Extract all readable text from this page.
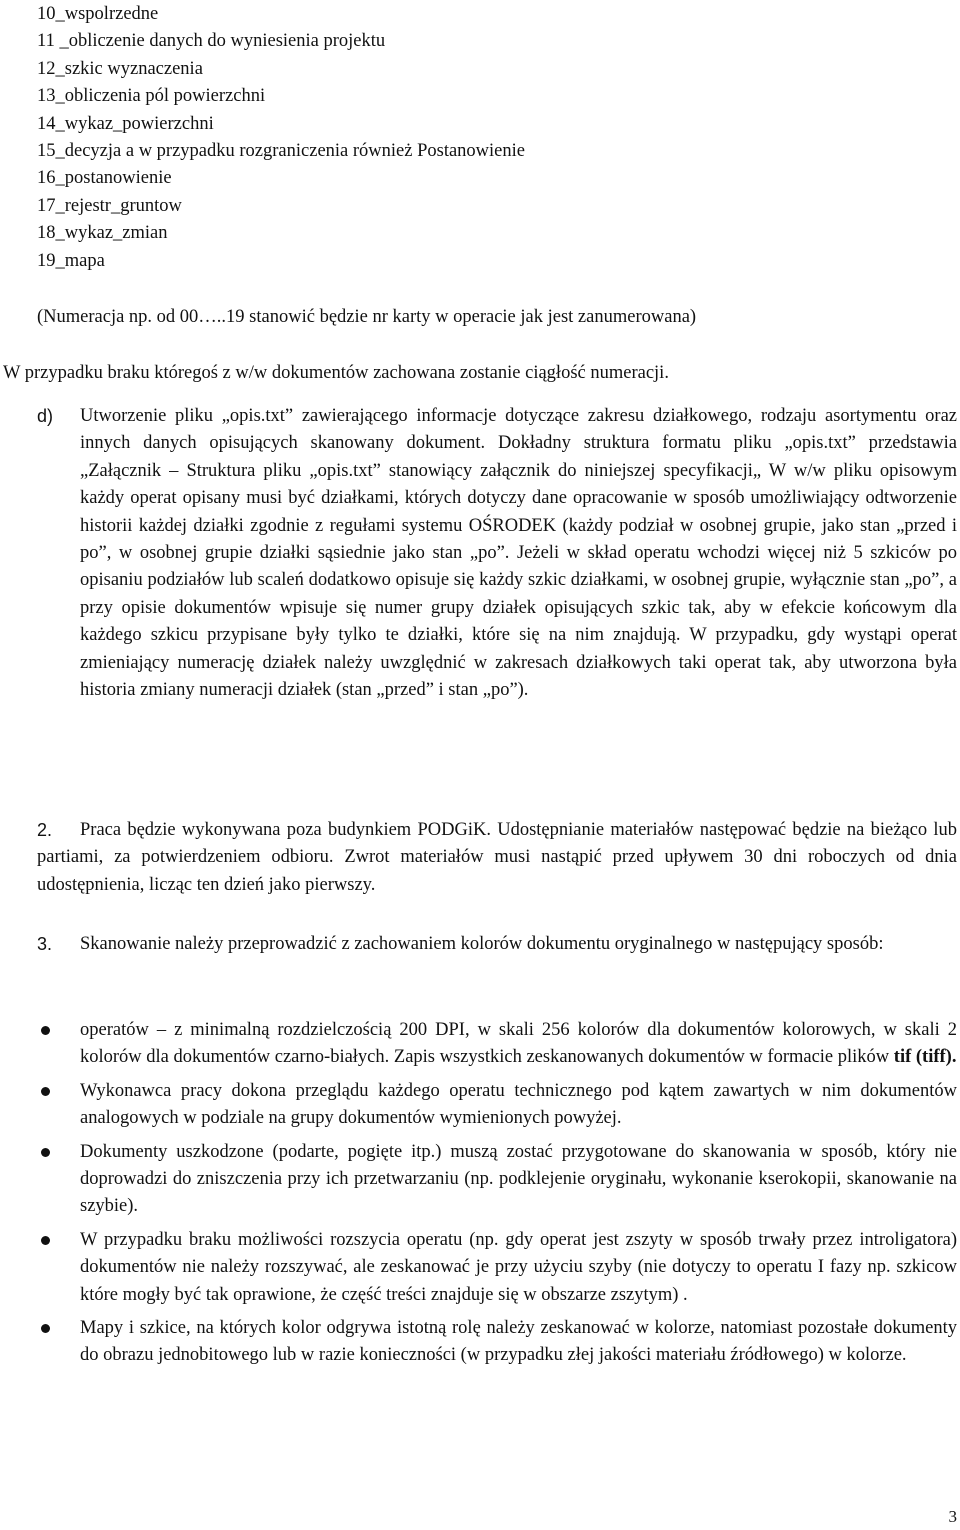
10_wspolrzedne
11 _obliczenie danych do wyniesienia projektu
12_szkic wyznaczenia
13_obliczenia pól powierzchni
14_wykaz_powierzchni
15_decyzja a w przypadku rozgraniczenia również Postanowienie
16_postanowienie
17_rejestr_gruntow
18_wykaz_zmian
19_mapa
(Numeracja np. od 00…..19 stanowić będzie nr karty w operacie jak jest zanumerowana)
W przypadku braku któregoś z w/w dokumentów zachowana zostanie ciągłość numeracji.
d) Utworzenie pliku „opis.txt” zawierającego informacje dotyczące zakresu działkowego, rodzaju asortymentu oraz innych danych opisujących skanowany dokument. Dokładny struktura formatu pliku „opis.txt” przedstawia „Załącznik – Struktura pliku „opis.txt” stanowiący załącznik do niniejszej specyfikacji„ W w/w pliku opisowym każdy operat opisany musi być działkami, których dotyczy dane opracowanie w sposób umożliwiający odtworzenie historii każdej działki zgodnie z regułami systemu OŚRODEK (każdy podział w osobnej grupie, jako stan „przed i po”, w osobnej grupie działki sąsiednie jako stan „po”. Jeżeli w skład operatu wchodzi więcej niż 5 szkiców po opisaniu podziałów lub scaleń dodatkowo opisuje się każdy szkic działkami, w osobnej grupie, wyłącznie stan „po”, a przy opisie dokumentów wpisuje się numer grupy działek opisujących szkic tak, aby w efekcie końcowym dla każdego szkicu przypisane były tylko te działki, które się na nim znajdują. W przypadku, gdy wystąpi operat zmieniający numerację działek należy uwzględnić w zakresach działkowych taki operat tak, aby utworzona była historia zmiany numeracji działek (stan „przed” i stan „po”).
2.	Praca będzie wykonywana poza budynkiem PODGiK. Udostępnianie materiałów następować będzie na bieżąco lub partiami, za potwierdzeniem odbioru. Zwrot materiałów musi nastąpić przed upływem 30 dni roboczych od dnia udostępnienia, licząc ten dzień jako pierwszy.
3.	Skanowanie należy przeprowadzić z zachowaniem kolorów dokumentu oryginalnego w następujący sposób:
operatów – z minimalną rozdzielczością 200 DPI, w skali 256 kolorów dla dokumentów kolorowych, w skali 2 kolorów dla dokumentów czarno-białych. Zapis wszystkich zeskanowanych dokumentów w formacie plików tif (tiff).
Wykonawca pracy dokona przeglądu każdego operatu technicznego pod kątem zawartych w nim dokumentów analogowych w podziale na grupy dokumentów wymienionych powyżej.
Dokumenty uszkodzone (podarte, pogięte itp.) muszą zostać przygotowane do skanowania w sposób, który nie doprowadzi do zniszczenia przy ich przetwarzaniu (np. podklejenie oryginału, wykonanie kserokopii, skanowanie na szybie).
W przypadku braku możliwości rozszycia operatu (np. gdy operat jest zszyty w sposób trwały przez introligatora) dokumentów nie należy rozszywać, ale zeskanować je przy użyciu szyby (nie dotyczy to operatu I fazy np. szkicow które mogły być tak oprawione, że część treści znajduje się w obszarze zszytym) .
Mapy i szkice, na których kolor odgrywa istotną rolę należy zeskanować w kolorze, natomiast pozostałe dokumenty do obrazu jednobitowego lub w razie konieczności (w przypadku złej jakości materiału źródłowego) w kolorze.
3
